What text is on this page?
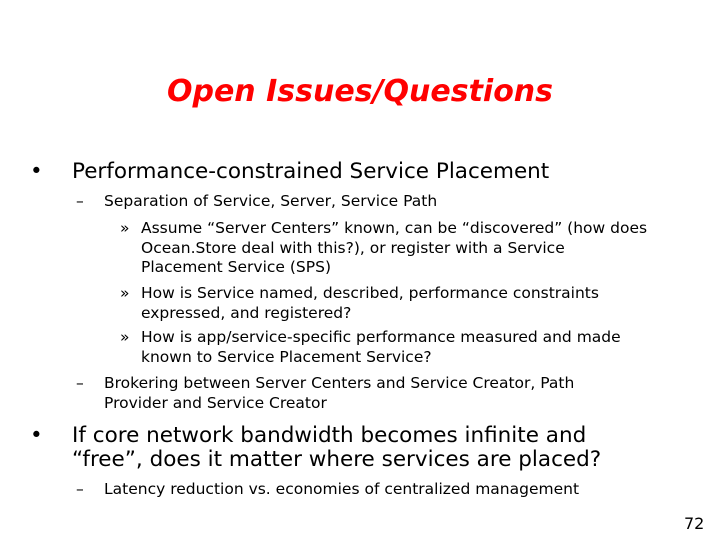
Open Issues/Questions
•	Performance-constrained Service Placement
–	Separation of Service, Server, Service Path
» Assume “Server Centers” known, can be “discovered” (how does
Ocean.Store deal with this?), or register with a Service
Placement Service (SPS)
» How is Service named, described, performance constraints
expressed, and registered?
» How is app/service-specific performance measured and made
known to Service Placement Service?
–	Brokering between Server Centers and Service Creator, Path
Provider and Service Creator
•	If core network bandwidth becomes infinite and
“free”, does it matter where services are placed?
–	Latency reduction vs. economies of centralized management
72
